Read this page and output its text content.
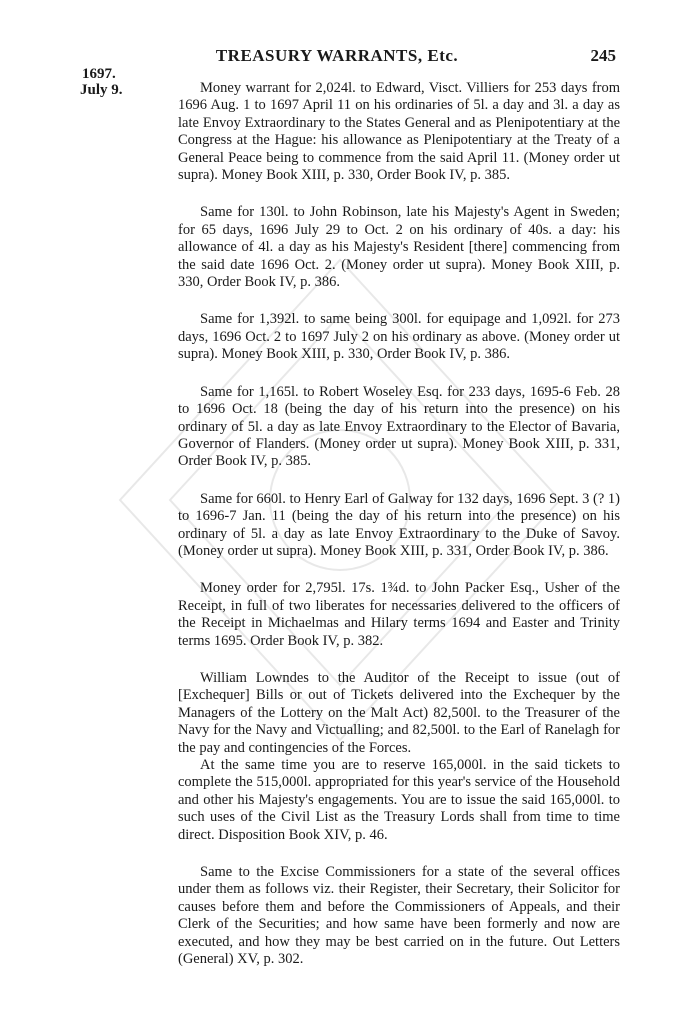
TREASURY WARRANTS, Etc.	245
1697.
July 9.	Money warrant for 2,024l. to Edward, Visct. Villiers for 253 days from 1696 Aug. 1 to 1697 April 11 on his ordinaries of 5l. a day and 3l. a day as late Envoy Extraordinary to the States General and as Plenipotentiary at the Congress at the Hague: his allowance as Plenipotentiary at the Treaty of a General Peace being to commence from the said April 11. (Money order ut supra). Money Book XIII, p. 330, Order Book IV, p. 385.

Same for 130l. to John Robinson, late his Majesty's Agent in Sweden; for 65 days, 1696 July 29 to Oct. 2 on his ordinary of 40s. a day: his allowance of 4l. a day as his Majesty's Resident [there] commencing from the said date 1696 Oct. 2. (Money order ut supra). Money Book XIII, p. 330, Order Book IV, p. 386.

Same for 1,392l. to same being 300l. for equipage and 1,092l. for 273 days, 1696 Oct. 2 to 1697 July 2 on his ordinary as above. (Money order ut supra). Money Book XIII, p. 330, Order Book IV, p. 386.

Same for 1,165l. to Robert Woseley Esq. for 233 days, 1695-6 Feb. 28 to 1696 Oct. 18 (being the day of his return into the presence) on his ordinary of 5l. a day as late Envoy Extraordinary to the Elector of Bavaria, Governor of Flanders. (Money order ut supra). Money Book XIII, p. 331, Order Book IV, p. 385.

Same for 660l. to Henry Earl of Galway for 132 days, 1696 Sept. 3 (? 1) to 1696-7 Jan. 11 (being the day of his return into the presence) on his ordinary of 5l. a day as late Envoy Extraordinary to the Duke of Savoy. (Money order ut supra). Money Book XIII, p. 331, Order Book IV, p. 386.

Money order for 2,795l. 17s. 1¾d. to John Packer Esq., Usher of the Receipt, in full of two liberates for necessaries delivered to the officers of the Receipt in Michaelmas and Hilary terms 1694 and Easter and Trinity terms 1695. Order Book IV, p. 382.

William Lowndes to the Auditor of the Receipt to issue (out of [Exchequer] Bills or out of Tickets delivered into the Exchequer by the Managers of the Lottery on the Malt Act) 82,500l. to the Treasurer of the Navy for the Navy and Victualling; and 82,500l. to the Earl of Ranelagh for the pay and contingencies of the Forces.

At the same time you are to reserve 165,000l. in the said tickets to complete the 515,000l. appropriated for this year's service of the Household and other his Majesty's engagements. You are to issue the said 165,000l. to such uses of the Civil List as the Treasury Lords shall from time to time direct. Disposition Book XIV, p. 46.

Same to the Excise Commissioners for a state of the several offices under them as follows viz. their Register, their Secretary, their Solicitor for causes before them and before the Commissioners of Appeals, and their Clerk of the Securities; and how same have been formerly and now are executed, and how they may be best carried on in the future. Out Letters (General) XV, p. 302.
